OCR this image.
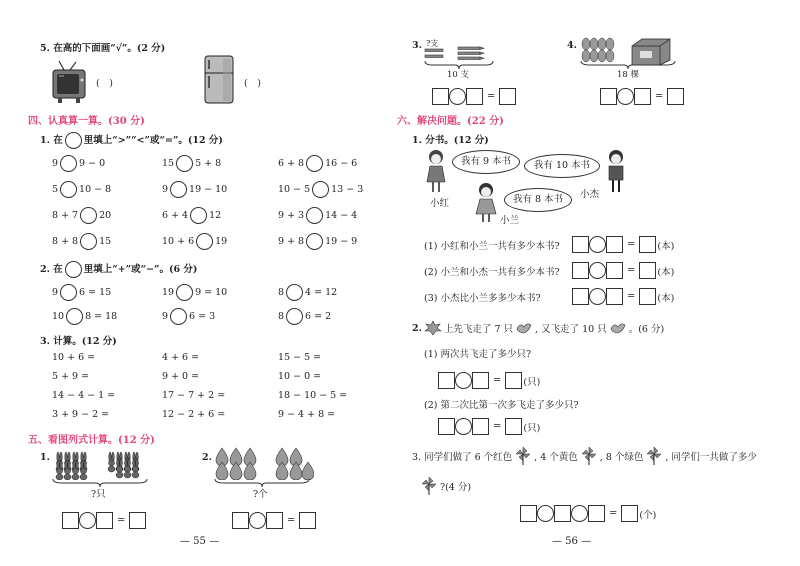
5. 在高的下面画“√”。(2 分)
(　)	(　)
四、认真算一算。(30 分)
1. 在 里填上“>”“<”或“=”。(12 分)
9 9 − 0	15 5 + 8	6 + 8 16 − 6
5 10 − 8	9 19 − 10	10 − 5 13 − 3
8 + 7 20	6 + 4 12	9 + 3 14 − 4
8 + 8 15	10 + 6 19	9 + 8 19 − 9
2. 在 里填上“+”或“−”。(6 分)
9 6 = 15	19 9 = 10	8 4 = 12
10 8 = 18	9 6 = 3	8 6 = 2
3. 计算。(12 分)
10 + 6 =	4 + 6 =	15 − 5 =
5 + 9 =	9 + 0 =	10 − 0 =
14 − 4 − 1 =	17 − 7 + 2 =	18 − 10 − 5 =
3 + 9 − 2 =	12 − 2 + 6 =	9 − 4 + 8 =
五、看图列式计算。(12 分)
1.
?只
=
2.
?个
=
— 55 —
3. ?支
10 支
=
4.
18 棵
=
六、解决问题。(22 分)
1. 分书。(12 分)
我有 9 本书
小红
我有 10 本书
小杰
我有 8 本书
小兰
(1) 小红和小兰一共有多少本书?	= (本)
(2) 小兰和小杰一共有多少本书?	= (本)
(3) 小杰比小兰多多少本书?	= (本)
2. 上先飞走了 7 只 , 又飞走了 10 只 。(6 分)
(1) 两次共飞走了多少只?
= (只)
(2) 第二次比第一次多飞走了多少只?
= (只)
3. 同学们做了 6 个红色 , 4 个黄色 , 8 个绿色 , 同学们一共做了多少
?(4 分)
= (个)
— 56 —
